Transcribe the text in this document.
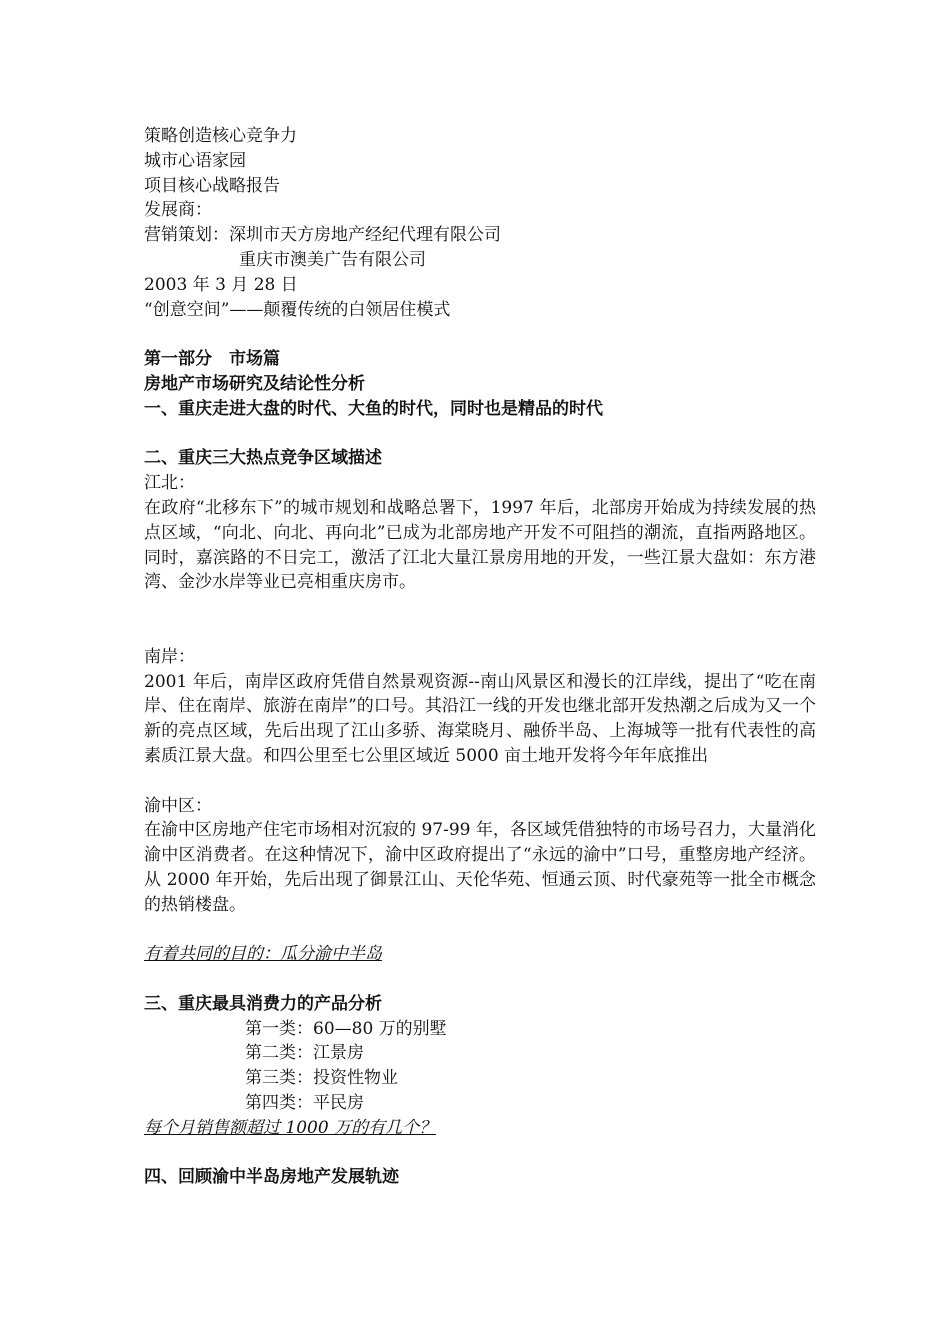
策略创造核心竞争力
城市心语家园
项目核心战略报告
发展商：
营销策划：深圳市天方房地产经纪代理有限公司
重庆市澳美广告有限公司
2003 年 3 月 28 日
“创意空间”——颠覆传统的白领居住模式
第一部分　市场篇
房地产市场研究及结论性分析
一、重庆走进大盘的时代、大鱼的时代，同时也是精品的时代
二、重庆三大热点竞争区域描述
江北：
在政府“北移东下”的城市规划和战略总署下，1997 年后，北部房开始成为持续发展的热点区域，“向北、向北、再向北”已成为北部房地产开发不可阻挡的潮流，直指两路地区。同时，嘉滨路的不日完工，激活了江北大量江景房用地的开发，一些江景大盘如：东方港湾、金沙水岸等业已亮相重庆房市。
南岸：
2001 年后，南岸区政府凭借自然景观资源--南山风景区和漫长的江岸线，提出了“吃在南岸、住在南岸、旅游在南岸”的口号。其沿江一线的开发也继北部开发热潮之后成为又一个新的亮点区域，先后出现了江山多骄、海棠晓月、融侨半岛、上海城等一批有代表性的高素质江景大盘。和四公里至七公里区域近 5000 亩土地开发将今年年底推出
渝中区：
在渝中区房地产住宅市场相对沉寂的 97-99 年，各区域凭借独特的市场号召力，大量消化渝中区消费者。在这种情况下，渝中区政府提出了“永远的渝中”口号，重整房地产经济。从 2000 年开始，先后出现了御景江山、天伦华苑、恒通云顶、时代豪苑等一批全市概念的热销楼盘。
有着共同的目的：瓜分渝中半岛
三、重庆最具消费力的产品分析
第一类：60—80 万的别墅
第二类：江景房
第三类：投资性物业
第四类：平民房
每个月销售额超过 1000 万的有几个？
四、回顾渝中半岛房地产发展轨迹
